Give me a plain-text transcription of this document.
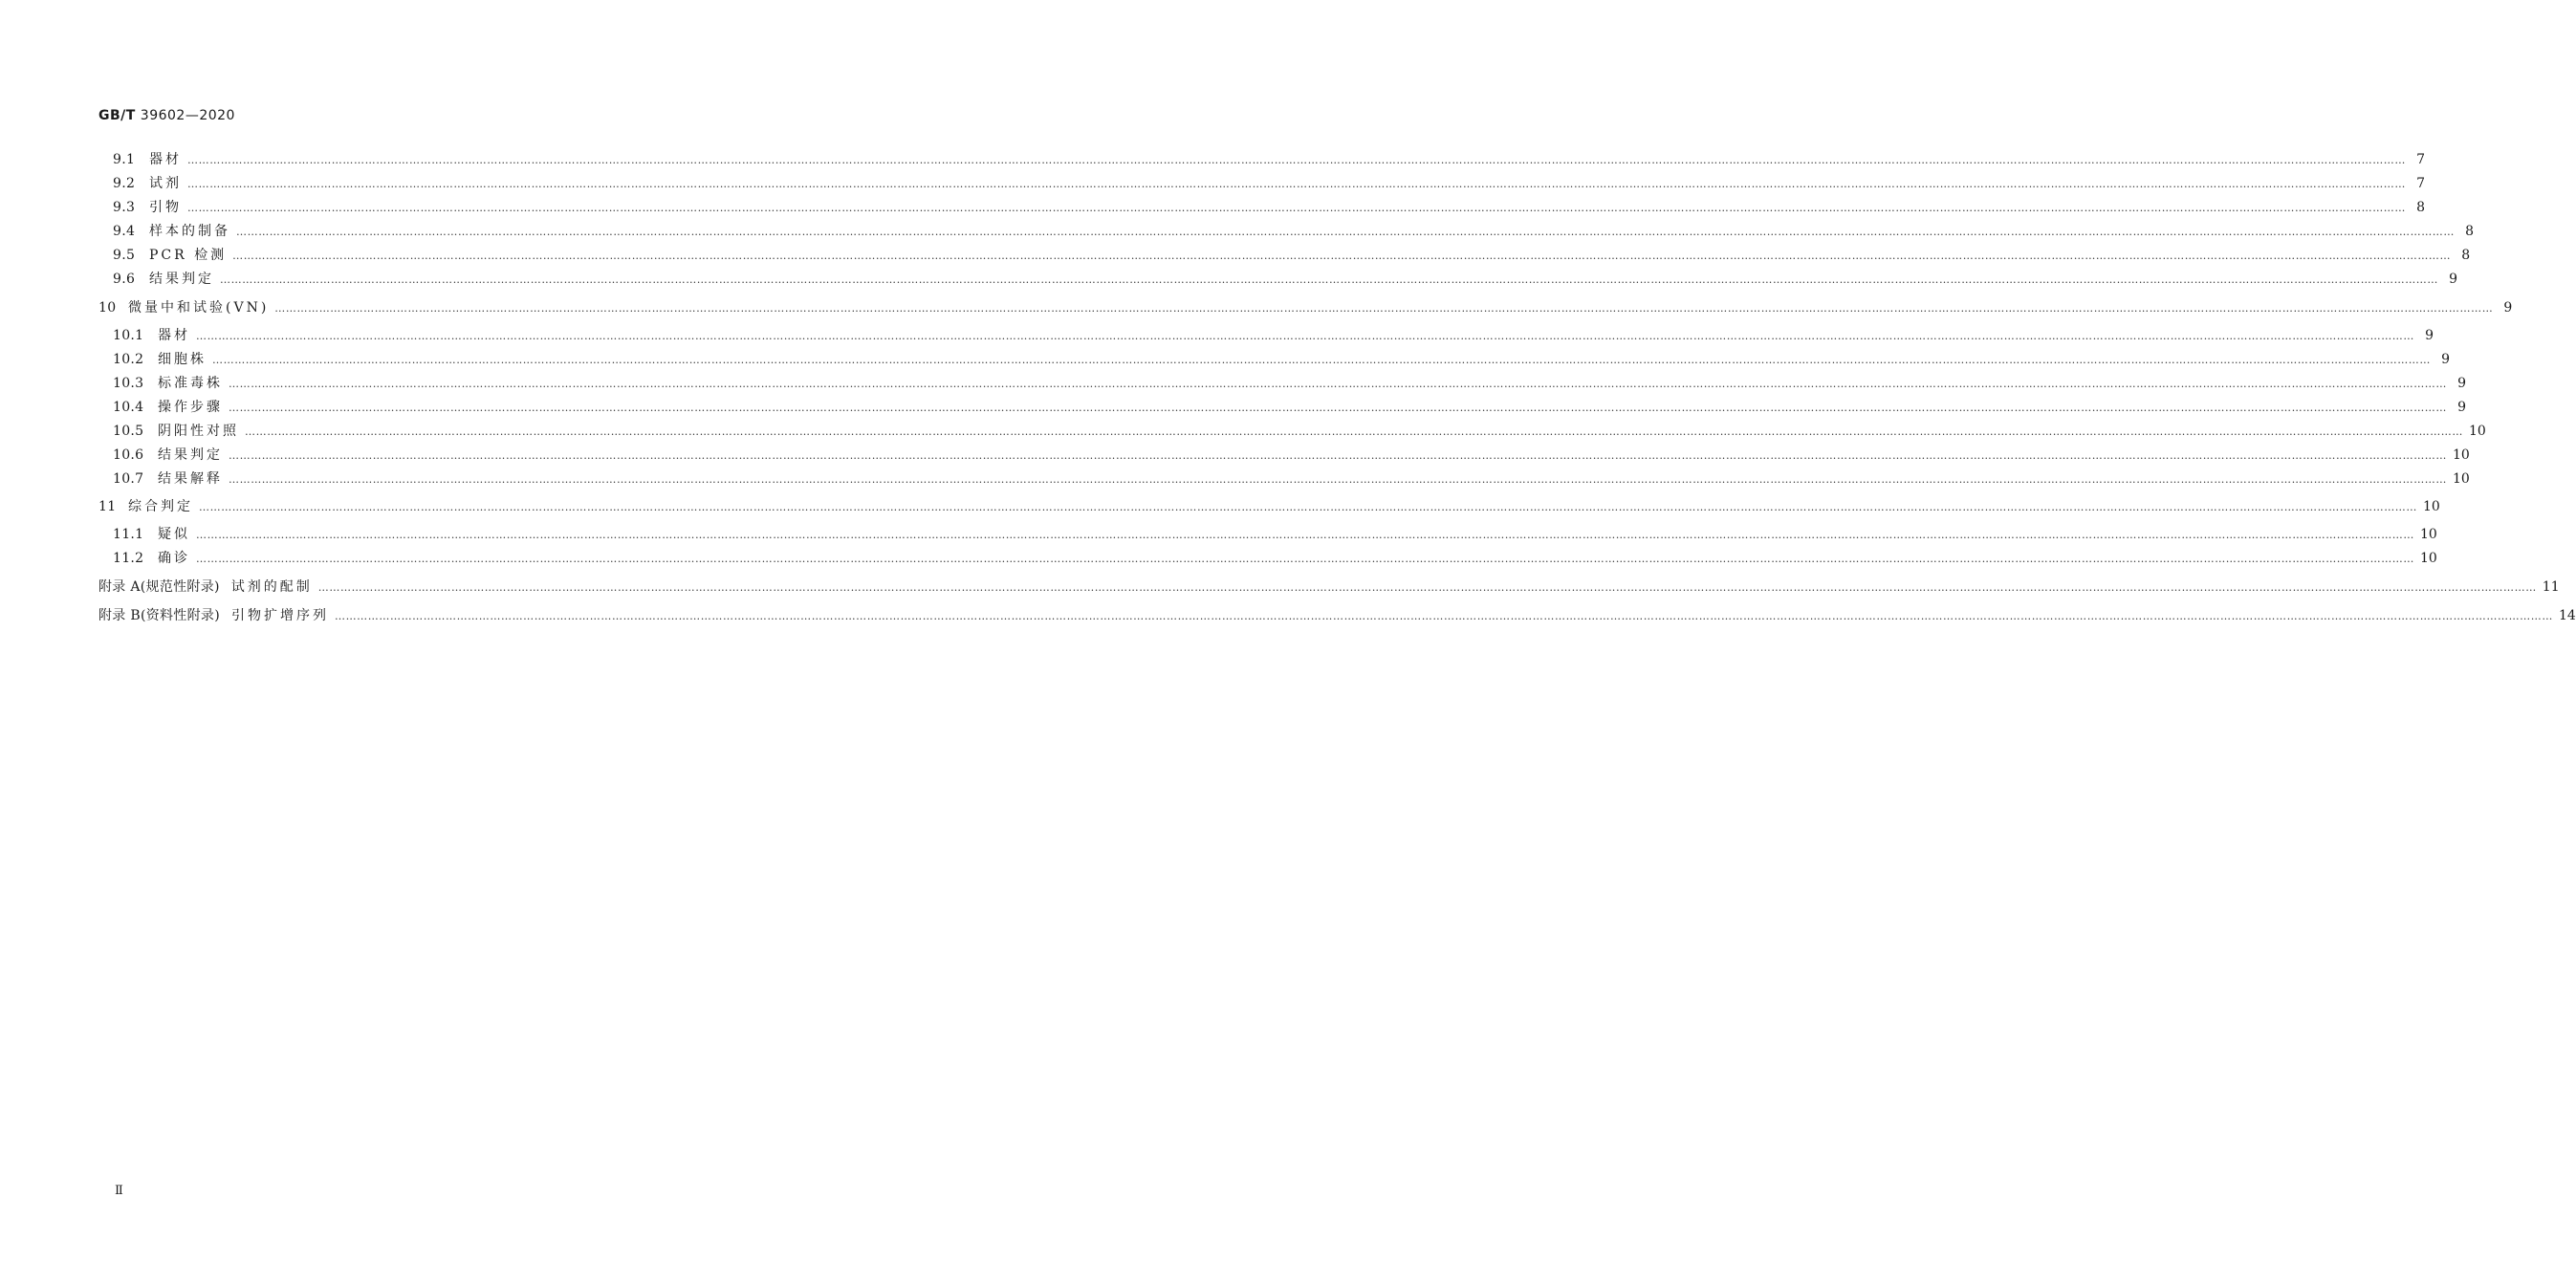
GB/T 39602—2020
9.1	器材 …………………………………………………………………………………………………………………………………………………………………………………………………………………………………………………………………………………………………………………………………………………………………………………………………………………………………………………………………………………………………………………………………………………… 7
9.2	试剂 …………………………………………………………………………………………………………………………………………………………………………………………………………………………………………………………………………………………………………………………………………………………………………………………………………………………………………………………………………………………………………………………………………………… 7
9.3	引物 …………………………………………………………………………………………………………………………………………………………………………………………………………………………………………………………………………………………………………………………………………………………………………………………………………………………………………………………………………………………………………………………………………………… 8
9.4	样本的制备 …………………………………………………………………………………………………………………………………………………………………………………………………………………………………………………………………………………………………………………………………………………………………………………………………………………………………………………………………………………………………………………………………………………… 8
9.5	PCR 检测 …………………………………………………………………………………………………………………………………………………………………………………………………………………………………………………………………………………………………………………………………………………………………………………………………………………………………………………………………………………………………………………………………………………… 8
9.6	结果判定 …………………………………………………………………………………………………………………………………………………………………………………………………………………………………………………………………………………………………………………………………………………………………………………………………………………………………………………………………………………………………………………………………………………… 9
10 微量中和试验(VN) …………………………………………………………………………………………………………………………………………………………………………………………………………………………………………………………………………………………………………………………………………………………………………………………………………………………………………………………………………………………………………………………………………………… 9
10.1	器材 …………………………………………………………………………………………………………………………………………………………………………………………………………………………………………………………………………………………………………………………………………………………………………………………………………………………………………………………………………………………………………………………………………………… 9
10.2	细胞株 …………………………………………………………………………………………………………………………………………………………………………………………………………………………………………………………………………………………………………………………………………………………………………………………………………………………………………………………………………………………………………………………………………………… 9
10.3	标准毒株 …………………………………………………………………………………………………………………………………………………………………………………………………………………………………………………………………………………………………………………………………………………………………………………………………………………………………………………………………………………………………………………………………………………… 9
10.4	操作步骤 …………………………………………………………………………………………………………………………………………………………………………………………………………………………………………………………………………………………………………………………………………………………………………………………………………………………………………………………………………………………………………………………………………………… 9
10.5	阴阳性对照 …………………………………………………………………………………………………………………………………………………………………………………………………………………………………………………………………………………………………………………………………………………………………………………………………………………………………………………………………………………………………………………………………………………… 10
10.6	结果判定 …………………………………………………………………………………………………………………………………………………………………………………………………………………………………………………………………………………………………………………………………………………………………………………………………………………………………………………………………………………………………………………………………………………… 10
10.7	结果解释 …………………………………………………………………………………………………………………………………………………………………………………………………………………………………………………………………………………………………………………………………………………………………………………………………………………………………………………………………………………………………………………………………………………… 10
11 综合判定 …………………………………………………………………………………………………………………………………………………………………………………………………………………………………………………………………………………………………………………………………………………………………………………………………………………………………………………………………………………………………………………………………………………… 10
11.1	疑似 …………………………………………………………………………………………………………………………………………………………………………………………………………………………………………………………………………………………………………………………………………………………………………………………………………………………………………………………………………………………………………………………………………………… 10
11.2	确诊 …………………………………………………………………………………………………………………………………………………………………………………………………………………………………………………………………………………………………………………………………………………………………………………………………………………………………………………………………………………………………………………………………………………… 10
附录 A(规范性附录) 试剂的配制 …………………………………………………………………………………………………………………………………………………………………………………………………………………………………………………………………………………………………………………………………………………………………………………………………………………………………………………………………………………………………………………………………………………… 11
附录 B(资料性附录) 引物扩增序列 …………………………………………………………………………………………………………………………………………………………………………………………………………………………………………………………………………………………………………………………………………………………………………………………………………………………………………………………………………………………………………………………………………………… 14
Ⅱ
